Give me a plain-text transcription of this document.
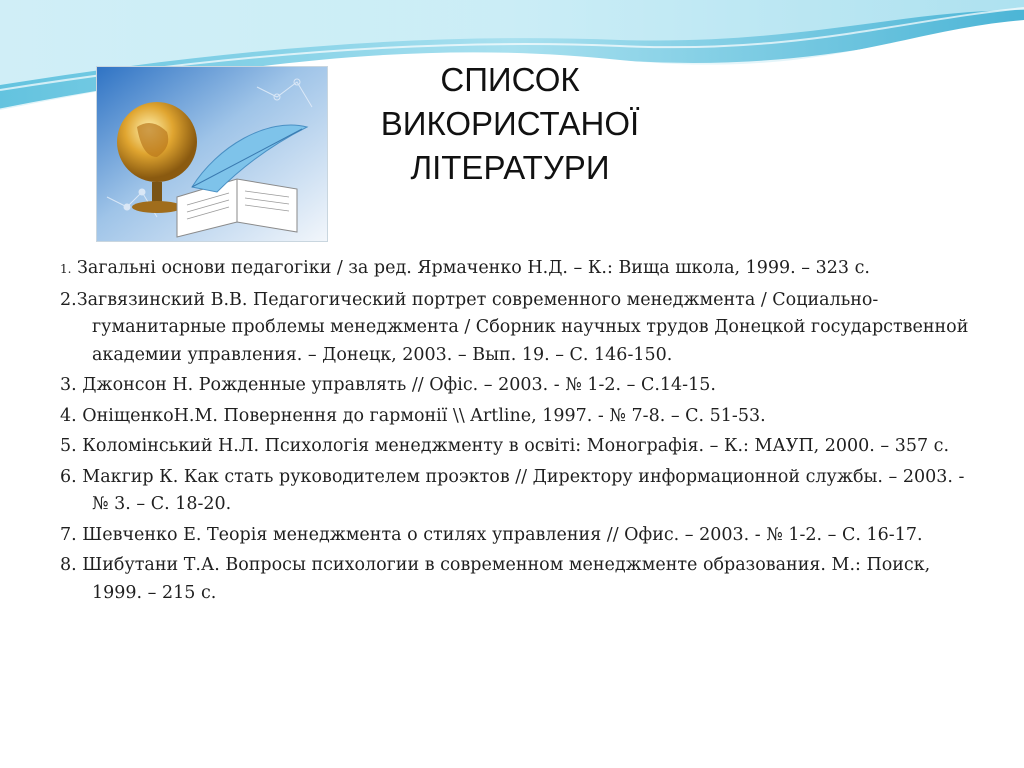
СПИСОК
ВИКОРИСТАНОЇ
ЛІТЕРАТУРИ
1. Загальні основи педагогіки / за ред. Ярмаченко Н.Д. – К.: Вища школа, 1999. – 323 с.
2.Загвязинский В.В. Педагогический портрет современного менеджмента / Социально-гуманитарные проблемы менеджмента / Сборник научных трудов Донецкой государственной академии управления. – Донецк, 2003. – Вып. 19. – С. 146-150.
3. Джонсон Н. Рожденные управлять // Офіс. – 2003. - № 1-2. – С.14-15.
4. ОніщенкоН.М. Повернення до гармонії \\ Artline, 1997. - № 7-8. – С. 51-53.
5. Коломінський Н.Л. Психологія менеджменту в освіті: Монографія. – К.: МАУП, 2000. – 357 с.
6. Макгир К. Как стать руководителем проэктов // Директору информационной службы. – 2003. - № 3. – С. 18-20.
7. Шевченко Е. Теорія менеджмента о стилях управления // Офис. – 2003. - № 1-2. – С. 16-17.
8. Шибутани Т.А. Вопросы психологии в современном менеджменте образования. М.: Поиск, 1999. – 215 с.
